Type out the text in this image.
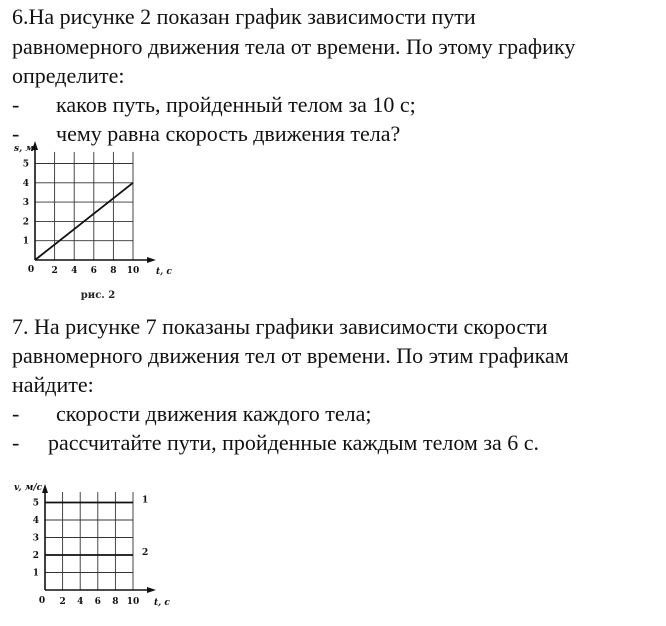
6.На рисунке 2 показан график зависимости пути
равномерного движения тела от времени. По этому графику
определите:
- каков путь, пройденный телом за 10 с;
- чему равна скорость движения тела?
7. На рисунке 7 показаны графики зависимости скорости
равномерного движения тел от времени. По этим графикам
найдите:
- скорости движения каждого тела;
- рассчитайте пути, пройденные каждым телом за 6 с.
1
2
3
4
5
2 4 6 8 10
0
s, м
t, с
рис. 2
1
2
3
4
5
2 4 6 8 10
0
v, м/с
t, с
1
2
